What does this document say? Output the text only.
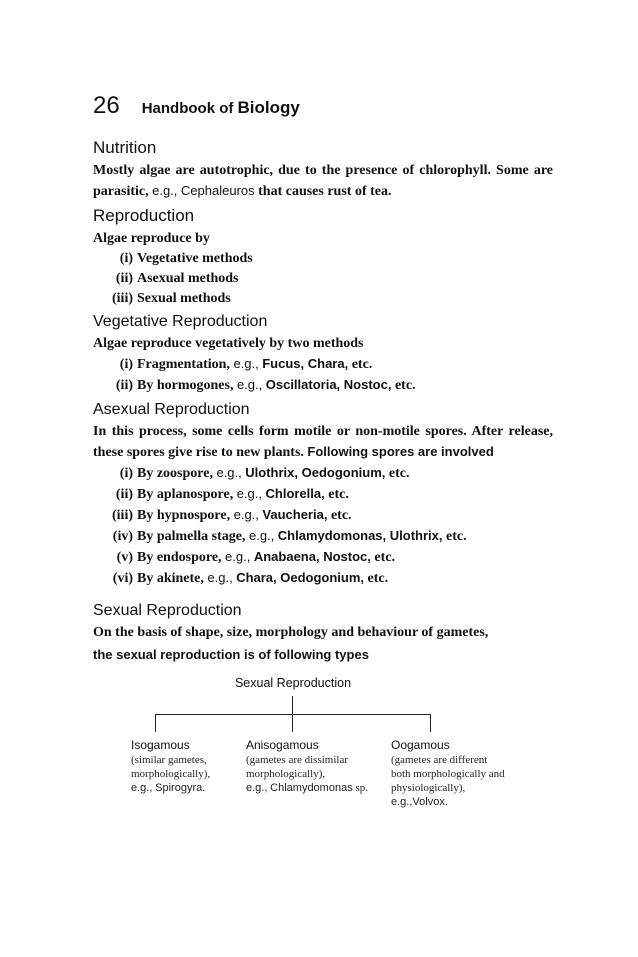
26 Handbook of Biology
Nutrition

Mostly algae are autotrophic, due to the presence of chlorophyll. Some are parasitic, e.g., Cephaleuros that causes rust of tea.

Reproduction

Algae reproduce by

(i) Vegetative methods
(ii) Asexual methods
(iii) Sexual methods
Vegetative Reproduction

Algae reproduce vegetatively by two methods

(i) Fragmentation, e.g., Fucus, Chara, etc.
(ii) By hormogones, e.g., Oscillatoria, Nostoc, etc.
Asexual Reproduction

In this process, some cells form motile or non-motile spores. After release, these spores give rise to new plants. Following spores are involved

(i) By zoospore, e.g., Ulothrix, Oedogonium, etc.
(ii) By aplanospore, e.g., Chlorella, etc.
(iii) By hypnospore, e.g., Vaucheria, etc.
(iv) By palmella stage, e.g., Chlamydomonas, Ulothrix, etc.
(v) By endospore, e.g., Anabaena, Nostoc, etc.
(vi) By akinete, e.g., Chara, Oedogonium, etc.
Sexual Reproduction

On the basis of shape, size, morphology and behaviour of gametes,

the sexual reproduction is of following types

Sexual Reproduction
Isogamous
(similar gametes,
morphologically),
e.g., Spirogyra.
Anisogamous
(gametes are dissimilar
morphologically),
e.g., Chlamydomonas sp.
Oogamous
(gametes are different
both morphologically and
physiologically),
e.g.,Volvox.
